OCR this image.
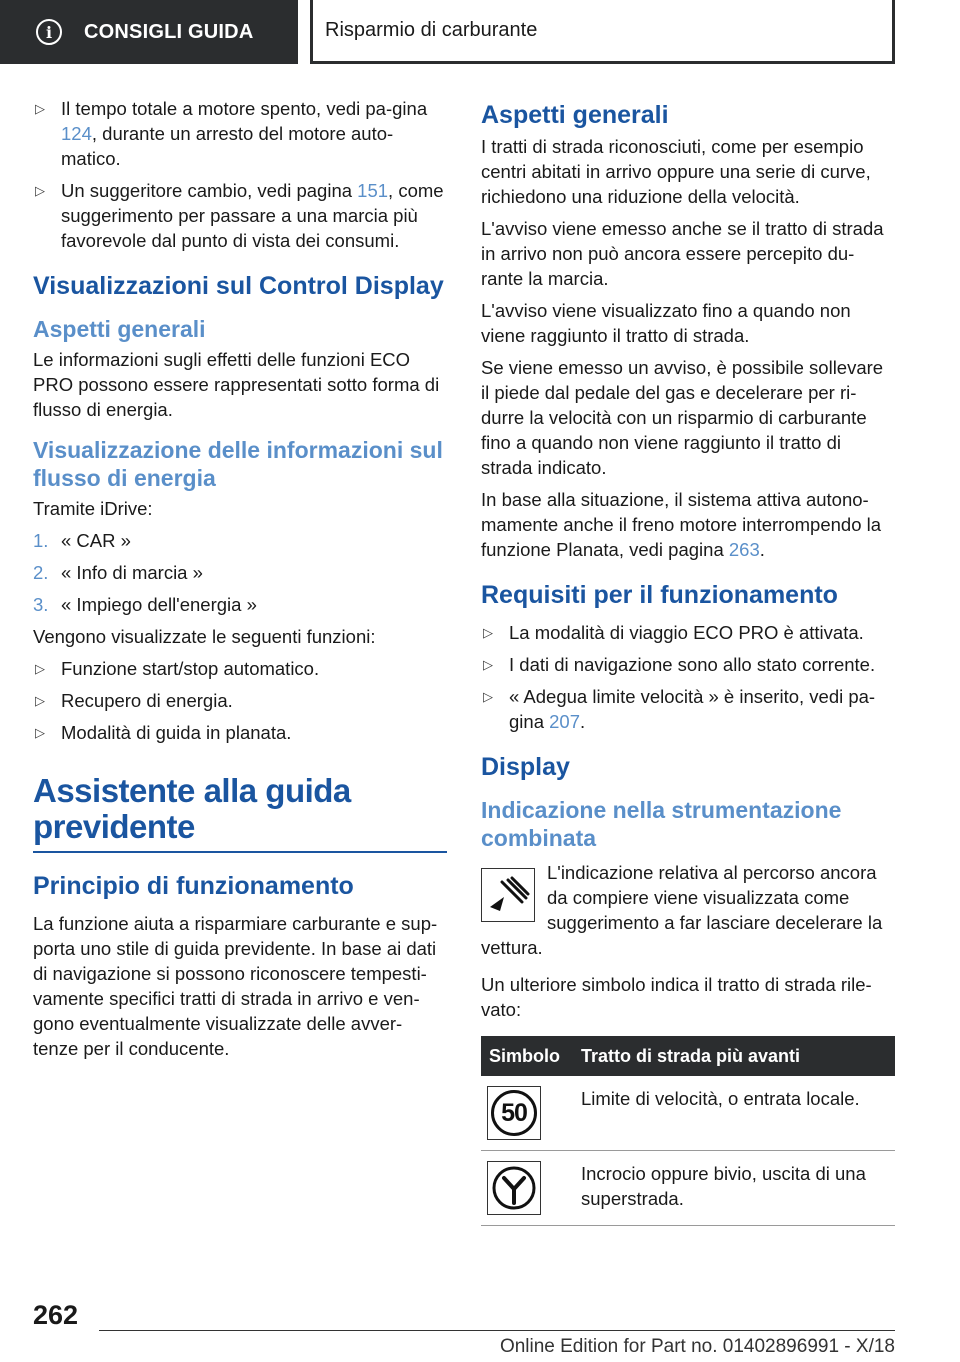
i	CONSIGLI GUIDA	Risparmio di carburante
▷ Il tempo totale a motore spento, vedi pa-gina 124, durante un arresto del motore auto-matico.
▷ Un suggeritore cambio, vedi pagina 151, come suggerimento per passare a una marcia più favorevole dal punto di vista dei consumi.
Visualizzazioni sul Control Display
Aspetti generali

Le informazioni sugli effetti delle funzioni ECO PRO possono essere rappresentati sotto forma di flusso di energia.

Visualizzazione delle informazioni sul flusso di energia

Tramite iDrive:

1. « CAR »
2. « Info di marcia »
3. « Impiego dell'energia »

Vengono visualizzate le seguenti funzioni:

▷ Funzione start/stop automatico.
▷ Recupero di energia.
▷ Modalità di guida in planata.
Assistente alla guida previdente
Principio di funzionamento

La funzione aiuta a risparmiare carburante e sup-porta uno stile di guida previdente. In base ai dati di navigazione si possono riconoscere tempesti-vamente specifici tratti di strada in arrivo e ven-gono eventualmente visualizzate delle avver-tenze per il conducente.

Aspetti generali

I tratti di strada riconosciuti, come per esempio centri abitati in arrivo oppure una serie di curve, richiedono una riduzione della velocità.

L'avviso viene emesso anche se il tratto di strada in arrivo non può ancora essere percepito du-rante la marcia.

L'avviso viene visualizzato fino a quando non viene raggiunto il tratto di strada.

Se viene emesso un avviso, è possibile sollevare il piede dal pedale del gas e decelerare per ri-durre la velocità con un risparmio di carburante fino a quando non viene raggiunto il tratto di strada indicato.

In base alla situazione, il sistema attiva autono-mamente anche il freno motore interrompendo la funzione Planata, vedi pagina 263.

Requisiti per il funzionamento
▷ La modalità di viaggio ECO PRO è attivata.
▷ I dati di navigazione sono allo stato corrente.
▷ « Adegua limite velocità » è inserito, vedi pa-gina 207.
Display
Indicazione nella strumentazione combinata
L'indicazione relativa al percorso ancora da compiere viene visualizzata come suggerimento a far lasciare decelerare la
vettura.

Un ulteriore simbolo indica il tratto di strada rile-vato:

Simbolo	Tratto di strada più avanti

50	Limite di velocità, o entrata locale.

	Incrocio oppure bivio, uscita di una superstrada.
262
Online Edition for Part no. 01402896991 - X/18
